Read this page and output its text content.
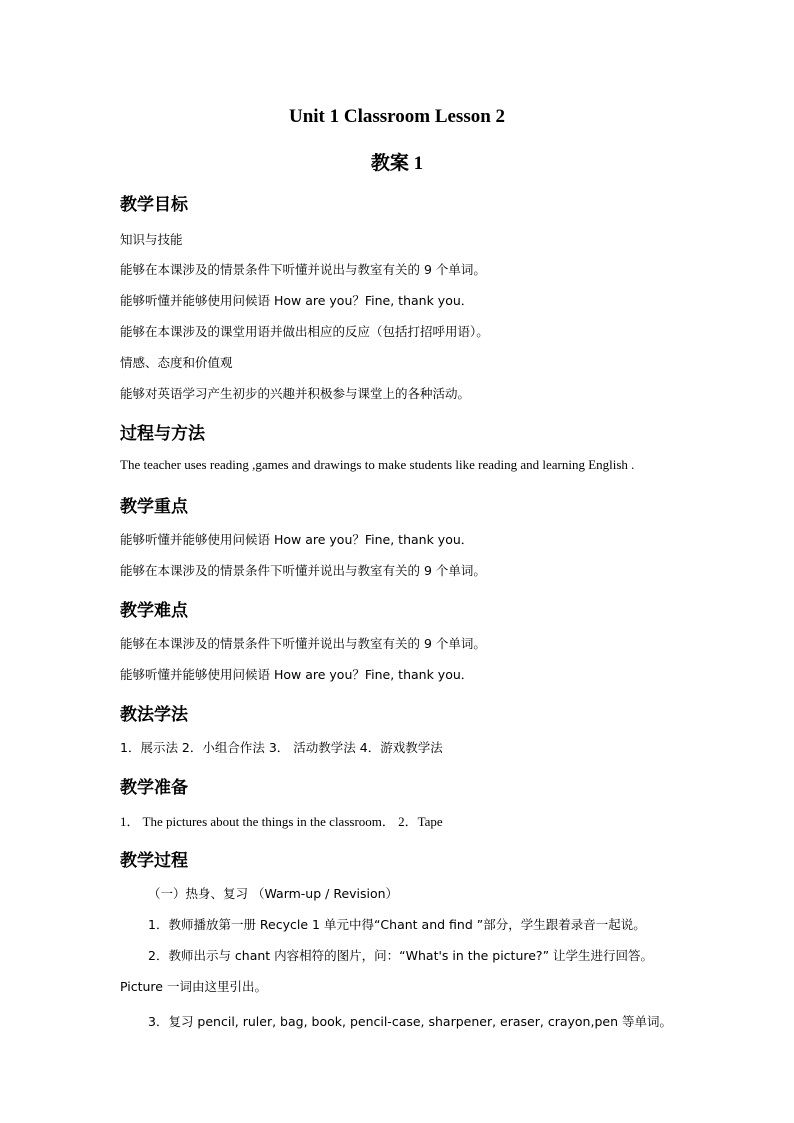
Unit 1 Classroom Lesson 2
教案 1
教学目标
知识与技能
能够在本课涉及的情景条件下听懂并说出与教室有关的 9 个单词。
能够听懂并能够使用问候语 How are you？Fine, thank you．
能够在本课涉及的课堂用语并做出相应的反应（包括打招呼用语）。
情感、态度和价值观
能够对英语学习产生初步的兴趣并积极参与课堂上的各种活动。
过程与方法
The teacher uses reading ,games and drawings to make students like reading and learning English .
教学重点
能够听懂并能够使用问候语 How are you？Fine, thank you．
能够在本课涉及的情景条件下听懂并说出与教室有关的 9 个单词。
教学难点
能够在本课涉及的情景条件下听懂并说出与教室有关的 9 个单词。
能够听懂并能够使用问候语 How are you？Fine, thank you．
教法学法
1．展示法 2．小组合作法 3． 活动教学法 4．游戏教学法
教学准备
1． The pictures about the things in the classroom． 2．Tape
教学过程
（一）热身、复习 （Warm-up / Revision）
1．教师播放第一册 Recycle 1 单元中得“Chant and find ”部分，学生跟着录音一起说。
2．教师出示与 chant 内容相符的图片，问：“What's in the picture?” 让学生进行回答。
Picture 一词由这里引出。
3．复习 pencil, ruler, bag, book, pencil-case, sharpener, eraser, crayon,pen 等单词。
